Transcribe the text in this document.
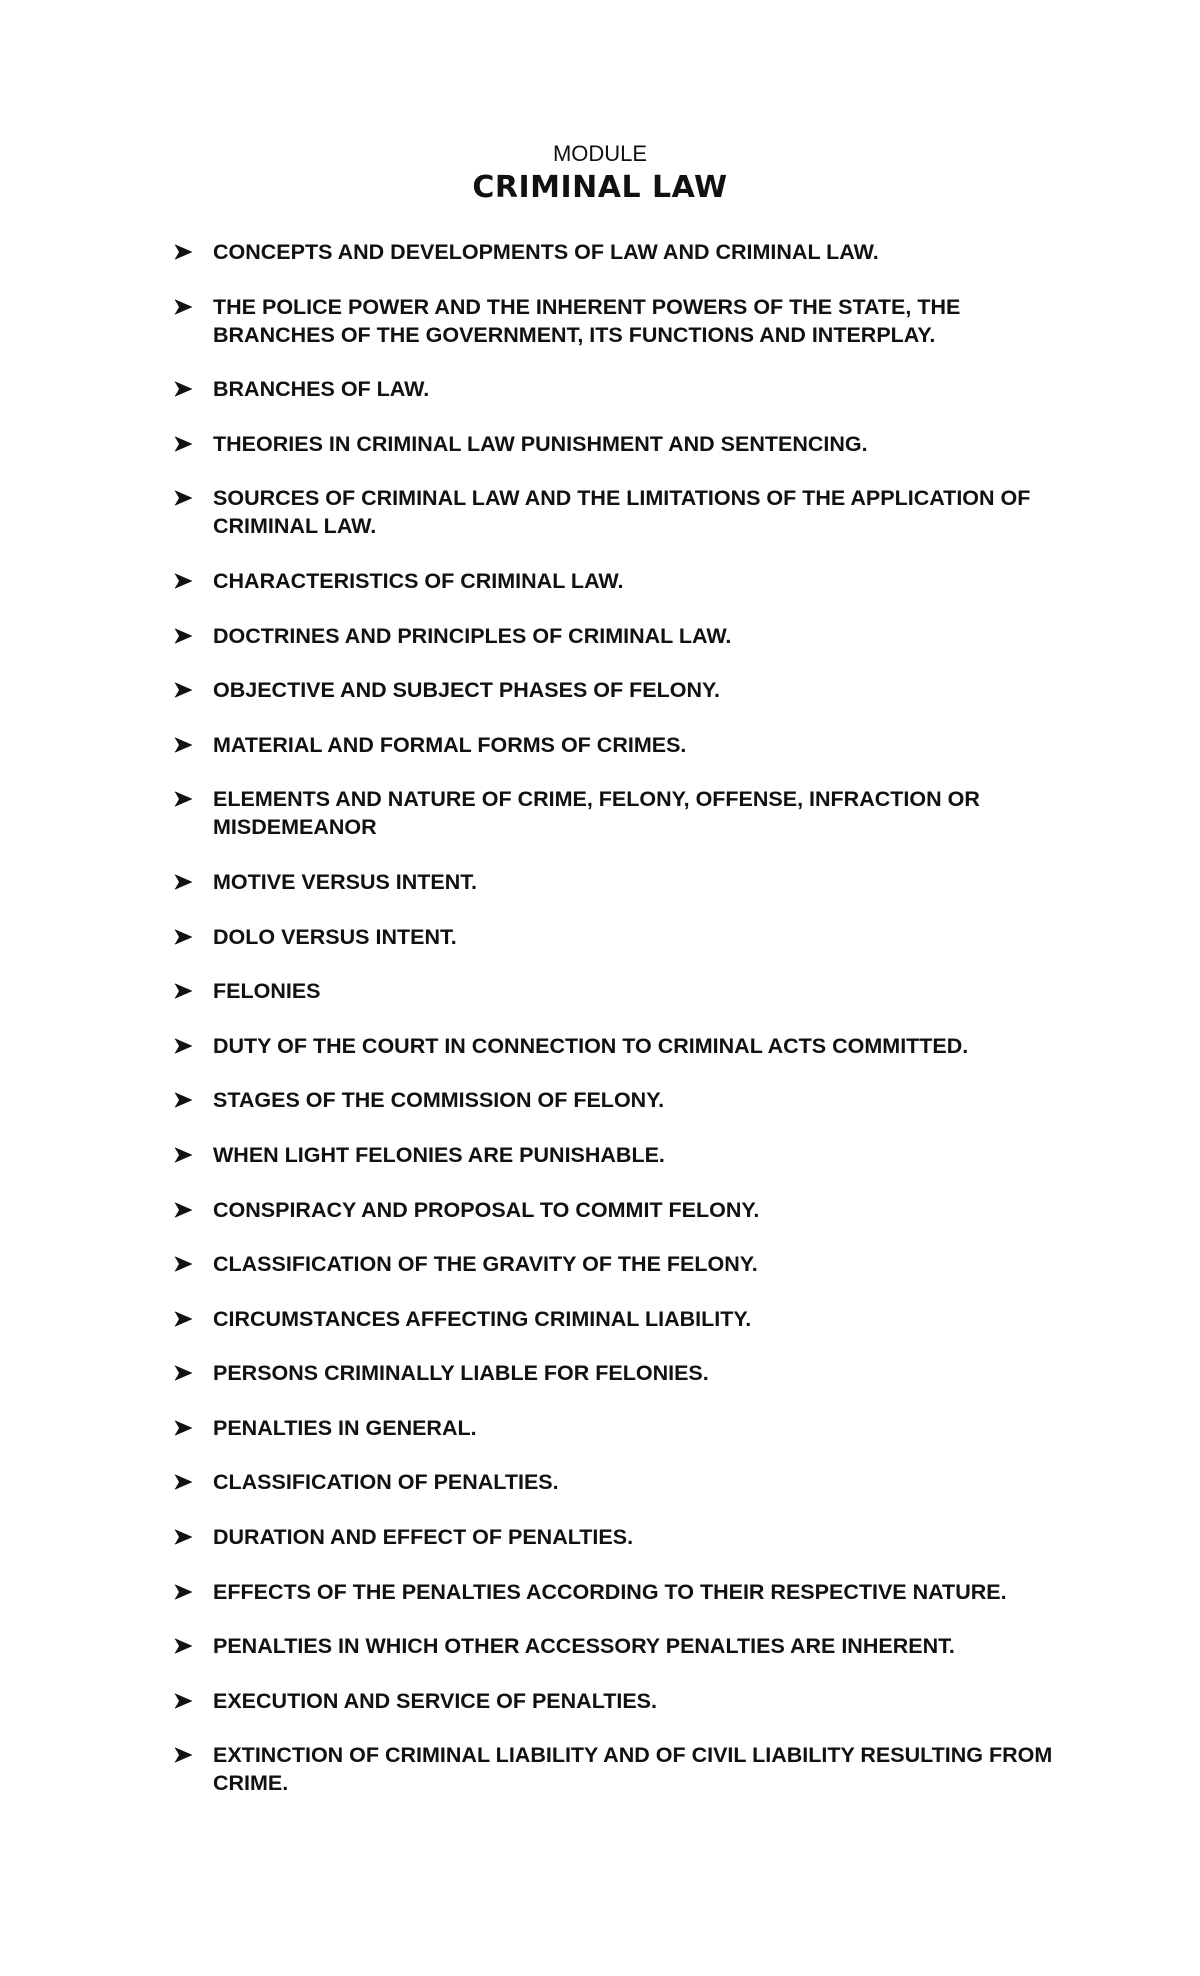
MODULE
CRIMINAL LAW
CONCEPTS AND DEVELOPMENTS OF LAW AND CRIMINAL LAW.
THE POLICE POWER AND THE INHERENT POWERS OF THE STATE, THE BRANCHES OF THE GOVERNMENT, ITS FUNCTIONS AND INTERPLAY.
BRANCHES OF LAW.
THEORIES IN CRIMINAL LAW PUNISHMENT AND SENTENCING.
SOURCES OF CRIMINAL LAW AND THE LIMITATIONS OF THE APPLICATION OF CRIMINAL LAW.
CHARACTERISTICS OF CRIMINAL LAW.
DOCTRINES AND PRINCIPLES OF CRIMINAL LAW.
OBJECTIVE AND SUBJECT PHASES OF FELONY.
MATERIAL AND FORMAL FORMS OF CRIMES.
ELEMENTS AND NATURE OF CRIME, FELONY, OFFENSE, INFRACTION OR MISDEMEANOR
MOTIVE VERSUS INTENT.
DOLO VERSUS INTENT.
FELONIES
DUTY OF THE COURT IN CONNECTION TO CRIMINAL ACTS COMMITTED.
STAGES OF THE COMMISSION OF FELONY.
WHEN LIGHT FELONIES ARE PUNISHABLE.
CONSPIRACY AND PROPOSAL TO COMMIT FELONY.
CLASSIFICATION OF THE GRAVITY OF THE FELONY.
CIRCUMSTANCES AFFECTING CRIMINAL LIABILITY.
PERSONS CRIMINALLY LIABLE FOR FELONIES.
PENALTIES IN GENERAL.
CLASSIFICATION OF PENALTIES.
DURATION AND EFFECT OF PENALTIES.
EFFECTS OF THE PENALTIES ACCORDING TO THEIR RESPECTIVE NATURE.
PENALTIES IN WHICH OTHER ACCESSORY PENALTIES ARE INHERENT.
EXECUTION AND SERVICE OF PENALTIES.
EXTINCTION OF CRIMINAL LIABILITY AND OF CIVIL LIABILITY RESULTING FROM CRIME.
